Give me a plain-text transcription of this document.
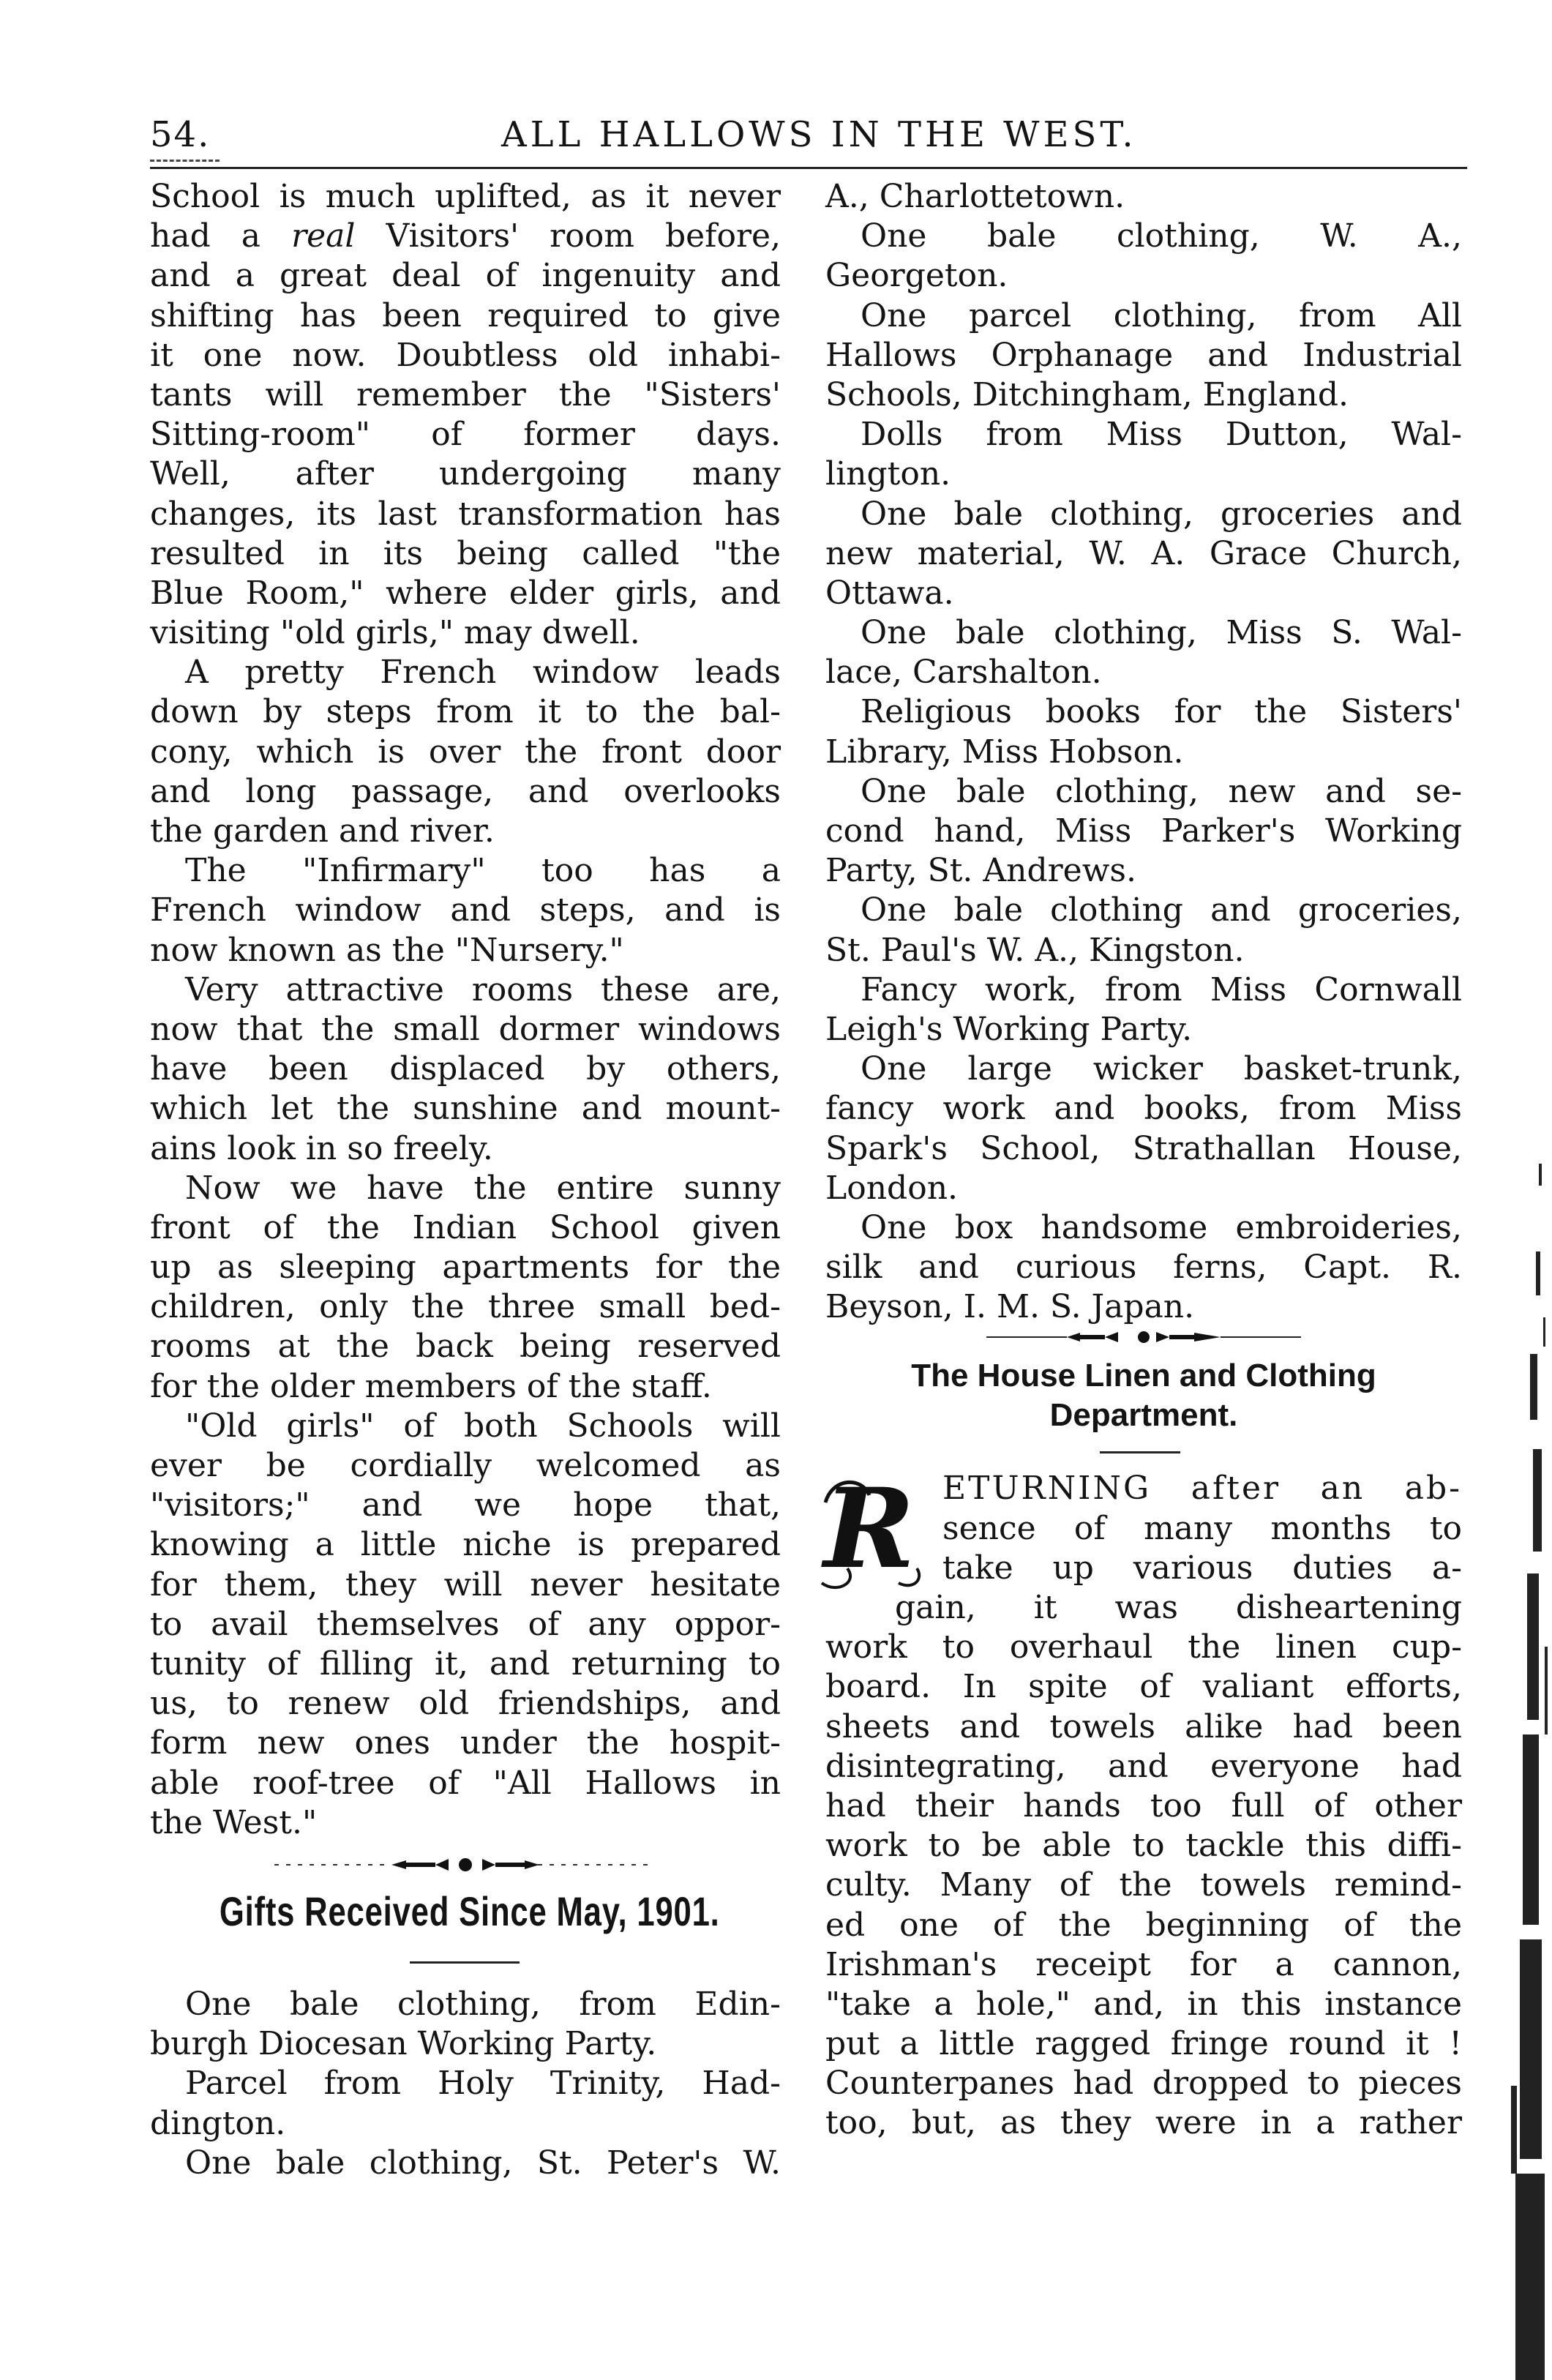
54.	ALL HALLOWS IN THE WEST.
School is much uplifted, as it never
had a real Visitors' room before,
and a great deal of ingenuity and
shifting has been required to give
it one now. Doubtless old inhabi-
tants will remember the "Sisters'
Sitting-room" of former days.
Well, after undergoing many
changes, its last transformation has
resulted in its being called "the
Blue Room," where elder girls, and
visiting "old girls," may dwell.
A pretty French window leads
down by steps from it to the bal-
cony, which is over the front door
and long passage, and overlooks
the garden and river.
The "Infirmary" too has a
French window and steps, and is
now known as the "Nursery."
Very attractive rooms these are,
now that the small dormer windows
have been displaced by others,
which let the sunshine and mount-
ains look in so freely.
Now we have the entire sunny
front of the Indian School given
up as sleeping apartments for the
children, only the three small bed-
rooms at the back being reserved
for the older members of the staff.
"Old girls" of both Schools will
ever be cordially welcomed as
"visitors;" and we hope that,
knowing a little niche is prepared
for them, they will never hesitate
to avail themselves of any oppor-
tunity of filling it, and returning to
us, to renew old friendships, and
form new ones under the hospit-
able roof-tree of "All Hallows in
the West."
Gifts Received Since May, 1901.
One bale clothing, from Edin-
burgh Diocesan Working Party.
Parcel from Holy Trinity, Had-
dington.
One bale clothing, St. Peter's W.
A., Charlottetown.
One bale clothing, W. A.,
Georgeton.
One parcel clothing, from All
Hallows Orphanage and Industrial
Schools, Ditchingham, England.
Dolls from Miss Dutton, Wal-
lington.
One bale clothing, groceries and
new material, W. A. Grace Church,
Ottawa.
One bale clothing, Miss S. Wal-
lace, Carshalton.
Religious books for the Sisters'
Library, Miss Hobson.
One bale clothing, new and se-
cond hand, Miss Parker's Working
Party, St. Andrews.
One bale clothing and groceries,
St. Paul's W. A., Kingston.
Fancy work, from Miss Cornwall
Leigh's Working Party.
One large wicker basket-trunk,
fancy work and books, from Miss
Spark's School, Strathallan House,
London.
One box handsome embroideries,
silk and curious ferns, Capt. R.
Beyson, I. M. S. Japan.
The House Linen and Clothing
Department.
R ETURNING after an ab-
sence of many months to
take up various duties a-
gain, it was disheartening
work to overhaul the linen cup-
board. In spite of valiant efforts,
sheets and towels alike had been
disintegrating, and everyone had
had their hands too full of other
work to be able to tackle this diffi-
culty. Many of the towels remind-
ed one of the beginning of the
Irishman's receipt for a cannon,
"take a hole," and, in this instance
put a little ragged fringe round it !
Counterpanes had dropped to pieces
too, but, as they were in a rather
